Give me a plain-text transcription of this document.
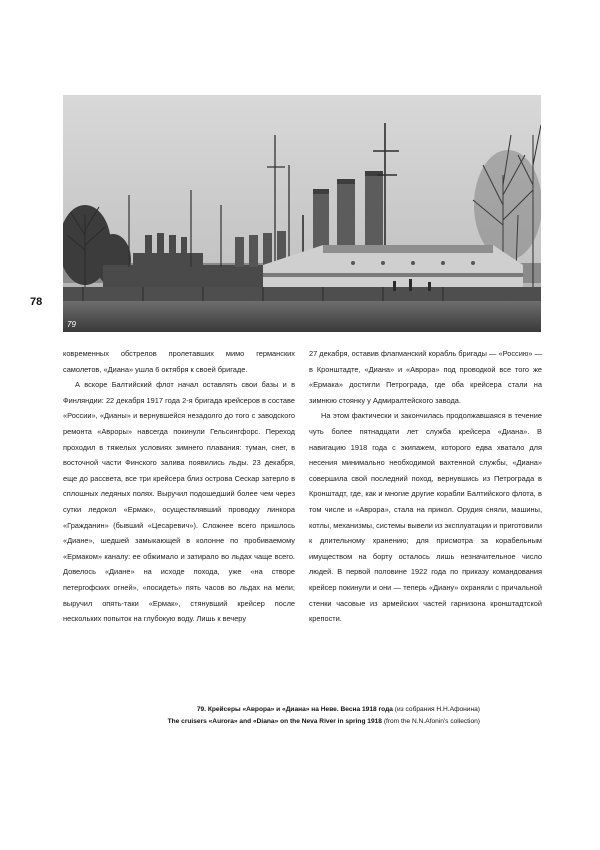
78
79

ковременных обстрелов пролетавших мимо германских самолетов, «Диана» ушла 6 октября к своей бригаде.

А вскоре Балтийский флот начал оставлять свои базы и в Финляндии: 22 декабря 1917 года 2-я бригада крейсеров в составе «России», «Дианы» и вернувшейся незадолго до того с заводского ремонта «Авроры» навсегда покинули Гельсингфорс. Переход проходил в тяжелых условиях зимнего плавания: туман, снег, в восточной части Финского залива появились льды. 23 декабря, еще до рассвета, все три крейсера близ острова Сескар затерло в сплошных ледяных полях. Выручил подошедший более чем через сутки ледокол «Ермак», осуществлявший проводку линкора «Гражданин» (бывший «Цесаревич»). Сложнее всего пришлось «Диане», шедшей замыкающей в колонне по пробиваемому «Ермаком» каналу: ее обжимало и затирало во льдах чаще всего. Довелось «Диане» на исходе похода, уже «на створе петергофских огней», «посидеть» пять часов во льдах на мели; выручил опять-таки «Ермак», стянувший крейсер после нескольких попыток на глубокую воду. Лишь к вечеру

27 декабря, оставив флагманский корабль бригады — «Россию» — в Кронштадте, «Диана» и «Аврора» под проводкой все того же «Ермака» достигли Петрограда, где оба крейсера стали на зимнюю стоянку у Адмиралтейского завода.

На этом фактически и закончилась продолжавшаяся в течение чуть более пятнадцати лет служба крейсера «Диана». В навигацию 1918 года с экипажем, которого едва хватало для несения минимально необходимой вахтенной службы, «Диана» совершила свой последний поход, вернувшись из Петрограда в Кронштадт, где, как и многие другие корабли Балтийского флота, в том числе и «Аврора», стала на прикол. Орудия сняли, машины, котлы, механизмы, системы вывели из эксплуатации и приготовили к длительному хранению; для присмотра за корабельным имуществом на борту осталось лишь незначительное число людей. В первой половине 1922 года по приказу командования крейсер покинули и они — теперь «Диану» охраняли с причальной стенки часовые из армейских частей гарнизона кронштадтской крепости.

79. Крейсеры «Аврора» и «Диана» на Неве. Весна 1918 года (из собрания Н.Н.Афонина)
The cruisers «Aurora» and «Diana» on the Neva River in spring 1918 (from the N.N.Afonin's collection)
